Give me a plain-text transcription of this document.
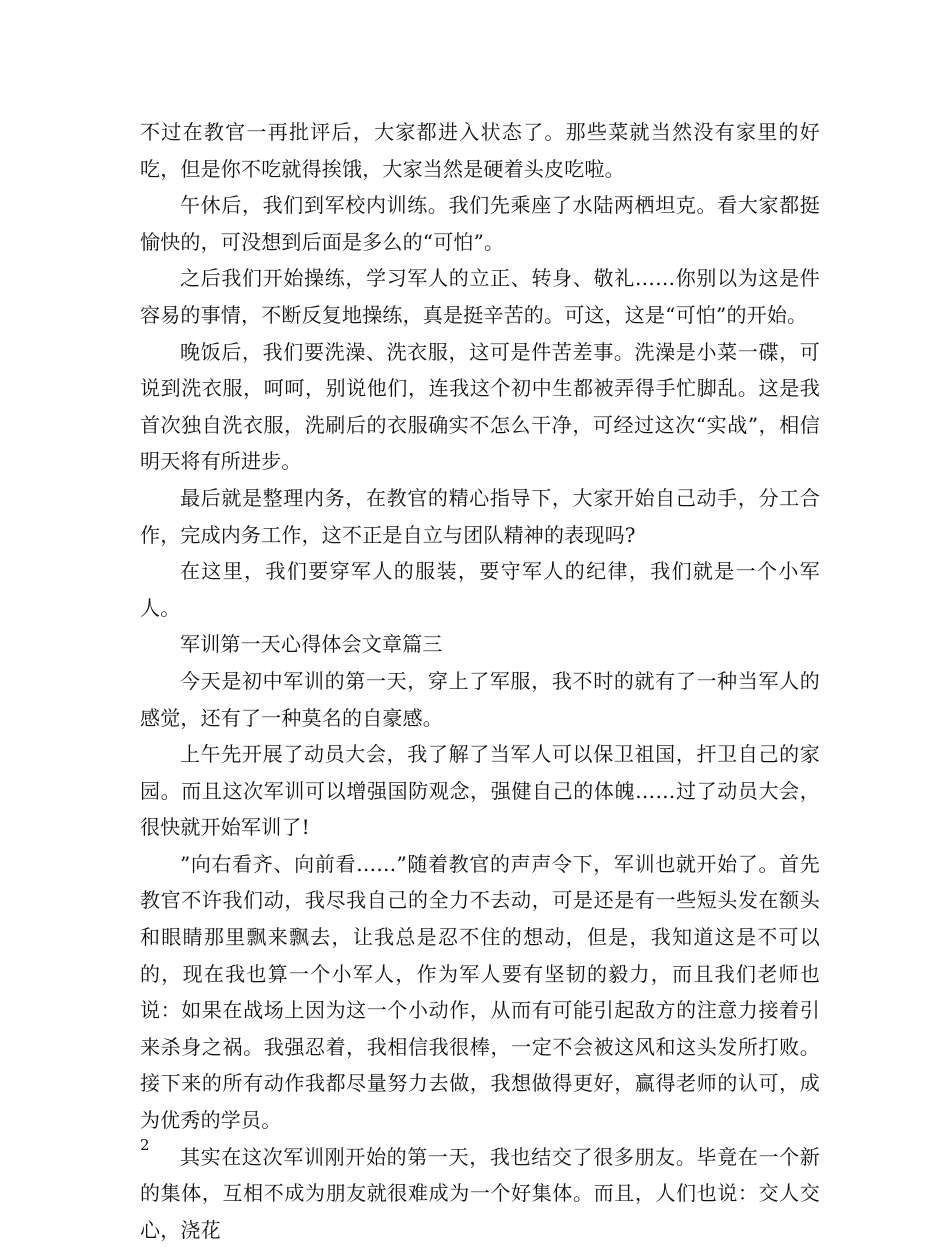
不过在教官一再批评后，大家都进入状态了。那些菜就当然没有家里的好吃，但是你不吃就得挨饿，大家当然是硬着头皮吃啦。

午休后，我们到军校内训练。我们先乘座了水陆两栖坦克。看大家都挺愉快的，可没想到后面是多么的“可怕”。

之后我们开始操练，学习军人的立正、转身、敬礼……你别以为这是件容易的事情，不断反复地操练，真是挺辛苦的。可这，这是“可怕”的开始。

晚饭后，我们要洗澡、洗衣服，这可是件苦差事。洗澡是小菜一碟，可说到洗衣服，呵呵，别说他们，连我这个初中生都被弄得手忙脚乱。这是我首次独自洗衣服，洗刷后的衣服确实不怎么干净，可经过这次“实战”，相信明天将有所进步。

最后就是整理内务，在教官的精心指导下，大家开始自己动手，分工合作，完成内务工作，这不正是自立与团队精神的表现吗?

在这里，我们要穿军人的服装，要守军人的纪律，我们就是一个小军人。

军训第一天心得体会文章篇三

今天是初中军训的第一天，穿上了军服，我不时的就有了一种当军人的感觉，还有了一种莫名的自豪感。

上午先开展了动员大会，我了解了当军人可以保卫祖国，扞卫自己的家园。而且这次军训可以增强国防观念，强健自己的体魄……过了动员大会，很快就开始军训了!

”向右看齐、向前看……”随着教官的声声令下，军训也就开始了。首先教官不许我们动，我尽我自己的全力不去动，可是还是有一些短头发在额头和眼睛那里飘来飘去，让我总是忍不住的想动，但是，我知道这是不可以的，现在我也算一个小军人，作为军人要有坚韧的毅力，而且我们老师也说：如果在战场上因为这一个小动作，从而有可能引起敌方的注意力接着引来杀身之祸。我强忍着，我相信我很棒，一定不会被这风和这头发所打败。接下来的所有动作我都尽量努力去做，我想做得更好，赢得老师的认可，成为优秀的学员。

其实在这次军训刚开始的第一天，我也结交了很多朋友。毕竟在一个新的集体，互相不成为朋友就很难成为一个好集体。而且，人们也说：交人交心，浇花

2
